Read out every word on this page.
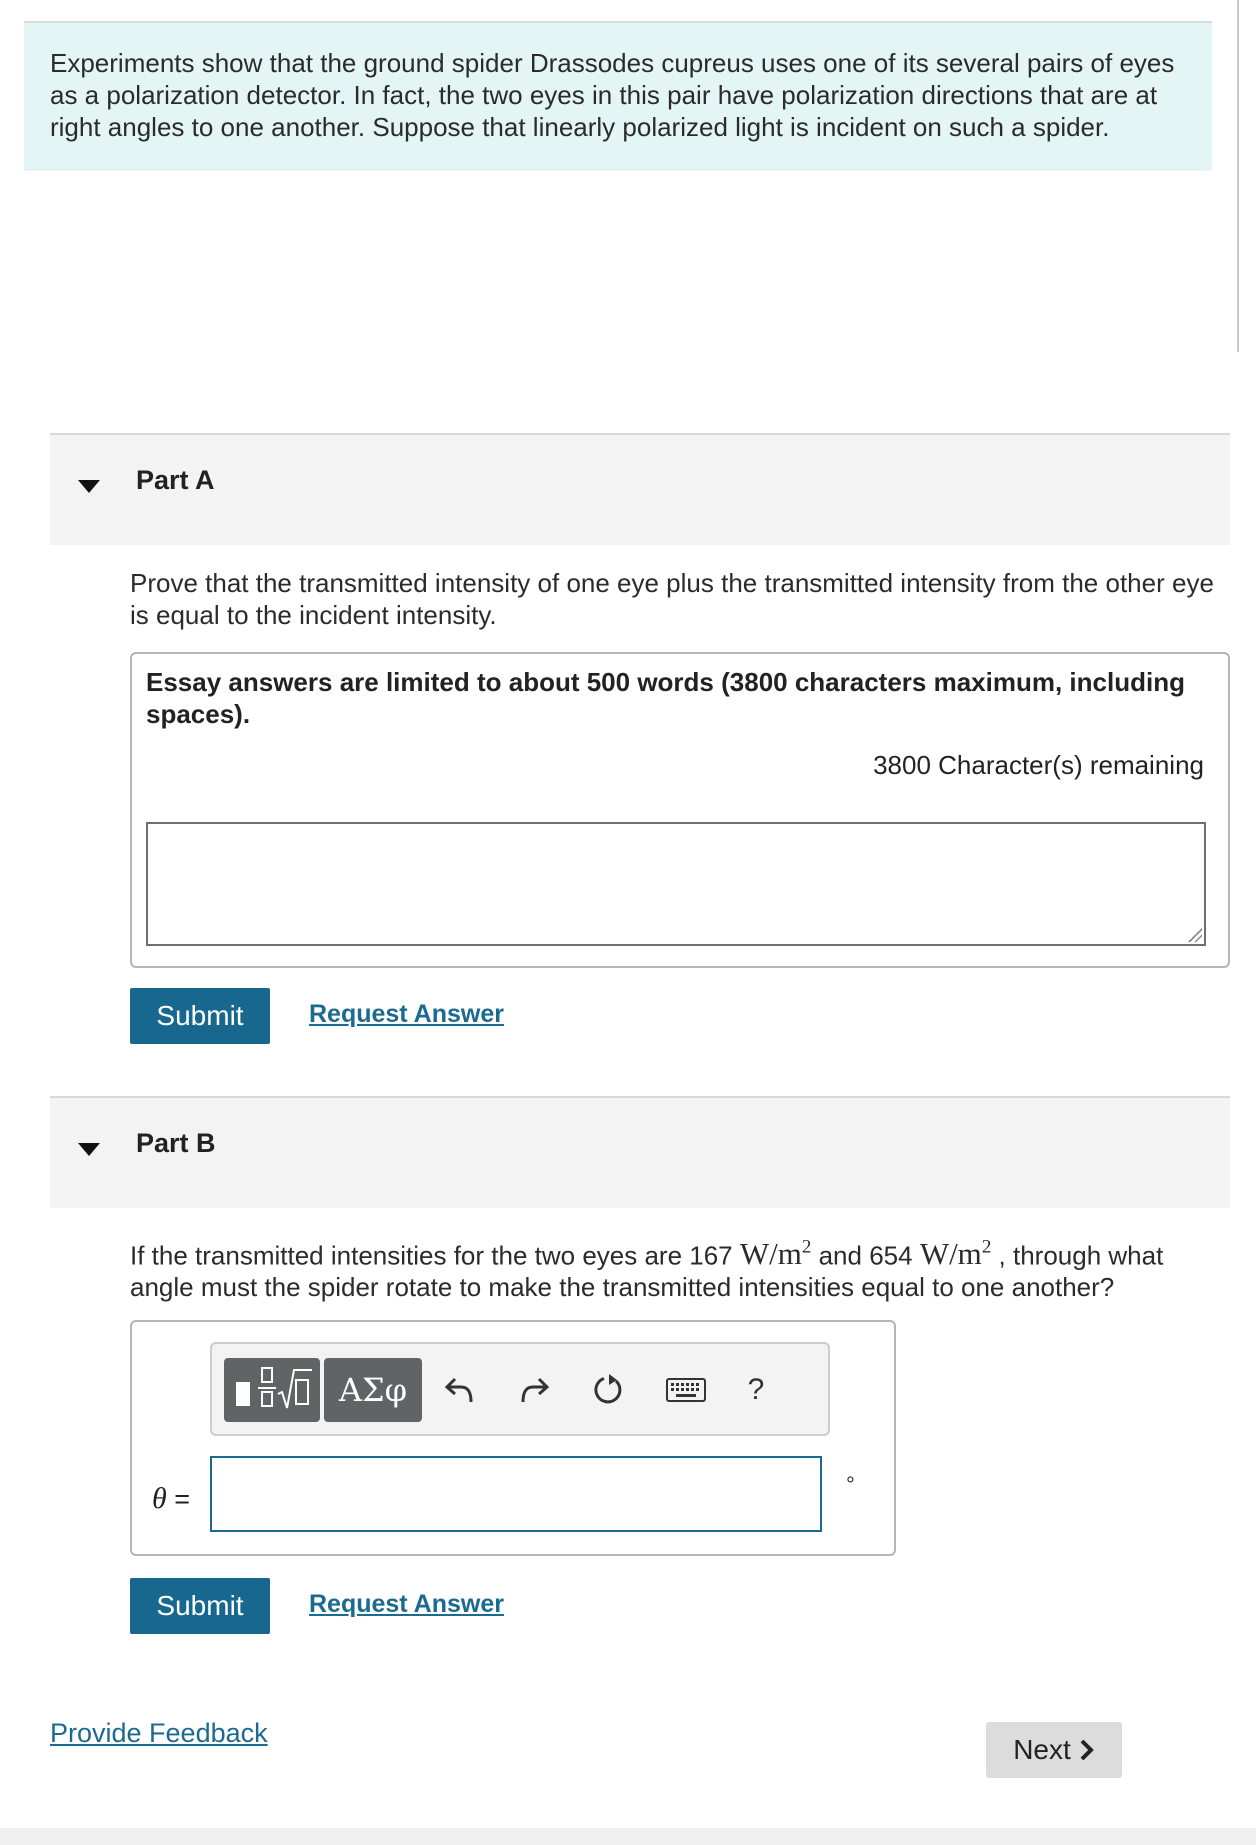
Experiments show that the ground spider Drassodes cupreus uses one of its several pairs of eyes as a polarization detector. In fact, the two eyes in this pair have polarization directions that are at right angles to one another. Suppose that linearly polarized light is incident on such a spider.
Part A
Prove that the transmitted intensity of one eye plus the transmitted intensity from the other eye is equal to the incident intensity.
Essay answers are limited to about 500 words (3800 characters maximum, including spaces).
3800 Character(s) remaining
Submit	Request Answer
Part B
If the transmitted intensities for the two eyes are 167 $W/m^2$ and 654 $W/m^2$ , through what angle must the spider rotate to make the transmitted intensities equal to one another?
ΑΣφ	?
θ =	°
Submit	Request Answer
Provide Feedback
Next
